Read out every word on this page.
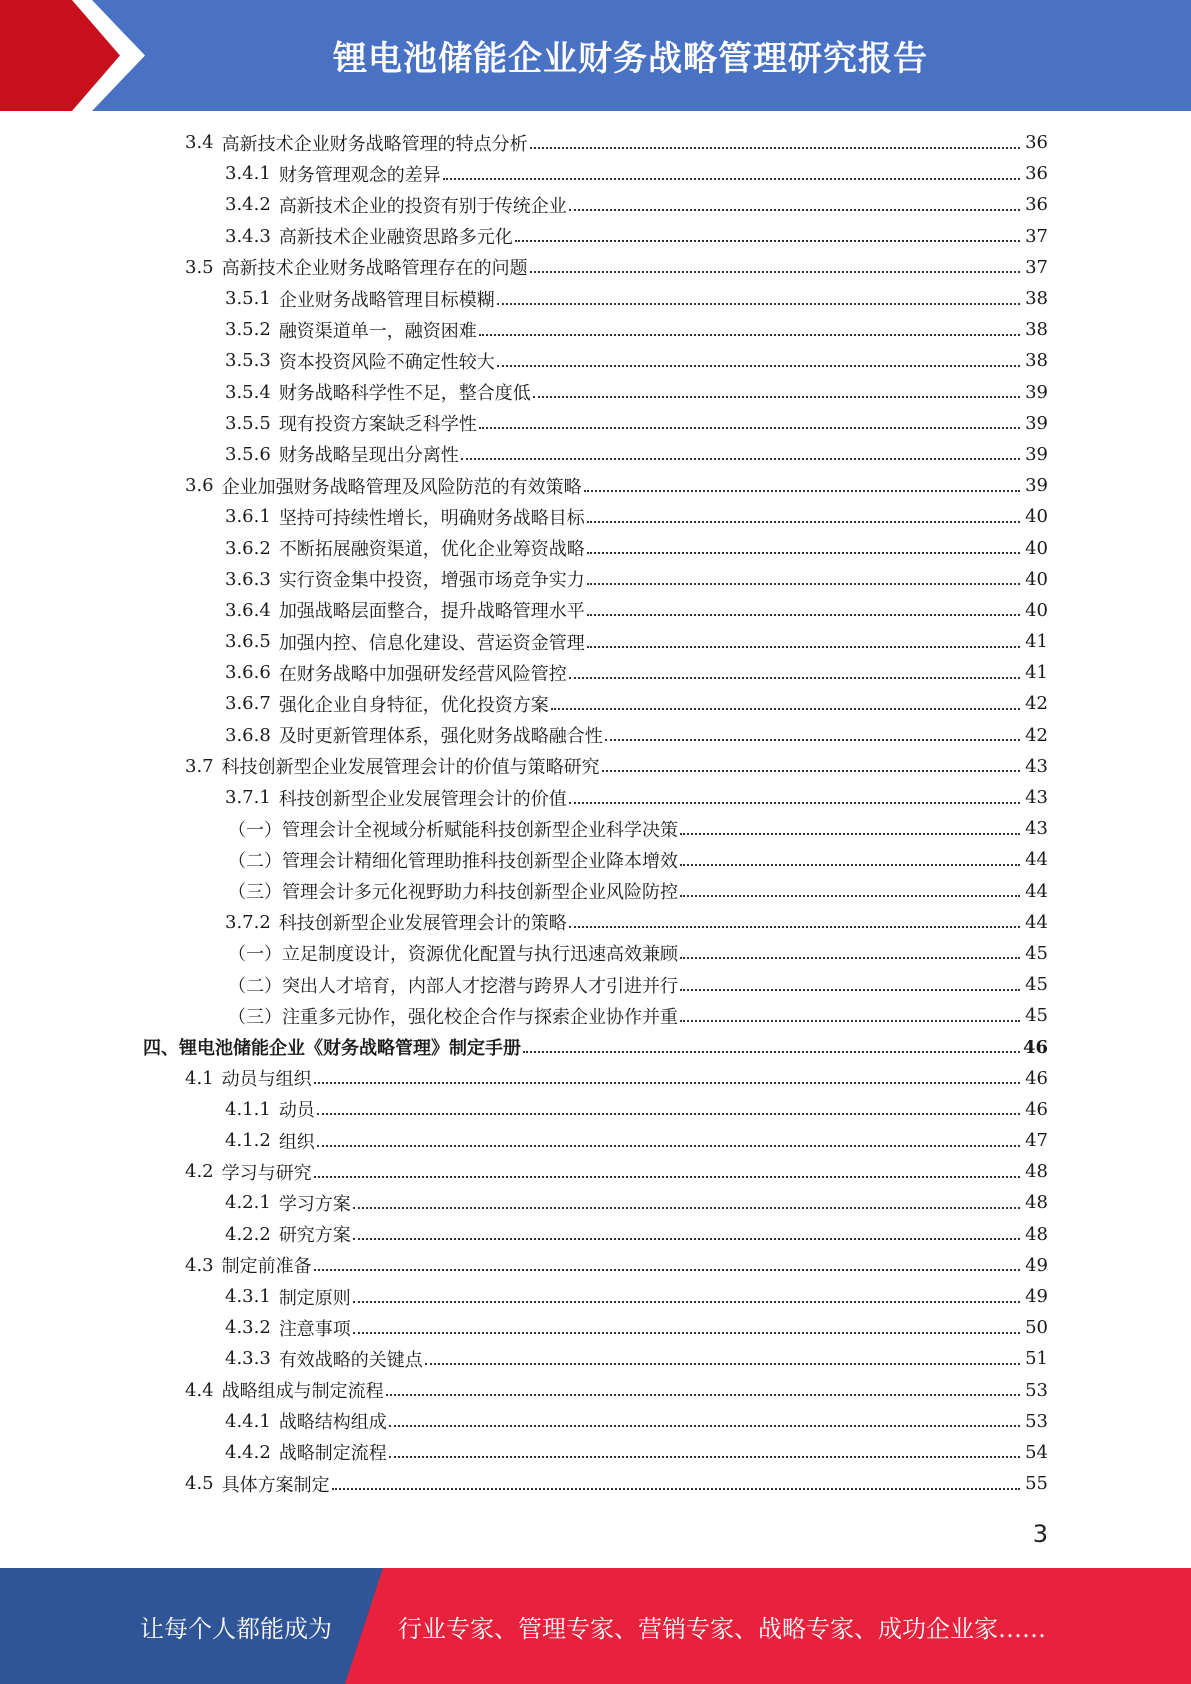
锂电池储能企业财务战略管理研究报告
3.4 高新技术企业财务战略管理的特点分析	36
3.4.1 财务管理观念的差异	36
3.4.2 高新技术企业的投资有别于传统企业	36
3.4.3 高新技术企业融资思路多元化	37
3.5 高新技术企业财务战略管理存在的问题	37
3.5.1 企业财务战略管理目标模糊	38
3.5.2 融资渠道单一，融资困难	38
3.5.3 资本投资风险不确定性较大	38
3.5.4 财务战略科学性不足，整合度低	39
3.5.5 现有投资方案缺乏科学性	39
3.5.6 财务战略呈现出分离性	39
3.6 企业加强财务战略管理及风险防范的有效策略	39
3.6.1 坚持可持续性增长，明确财务战略目标	40
3.6.2 不断拓展融资渠道，优化企业筹资战略	40
3.6.3 实行资金集中投资，增强市场竞争实力	40
3.6.4 加强战略层面整合，提升战略管理水平	40
3.6.5 加强内控、信息化建设、营运资金管理	41
3.6.6 在财务战略中加强研发经营风险管控	41
3.6.7 强化企业自身特征，优化投资方案	42
3.6.8 及时更新管理体系，强化财务战略融合性	42
3.7 科技创新型企业发展管理会计的价值与策略研究	43
3.7.1 科技创新型企业发展管理会计的价值	43
（一）管理会计全视域分析赋能科技创新型企业科学决策	43
（二）管理会计精细化管理助推科技创新型企业降本增效	44
（三）管理会计多元化视野助力科技创新型企业风险防控	44
3.7.2 科技创新型企业发展管理会计的策略	44
（一）立足制度设计，资源优化配置与执行迅速高效兼顾	45
（二）突出人才培育，内部人才挖潜与跨界人才引进并行	45
（三）注重多元协作，强化校企合作与探索企业协作并重	45
四、锂电池储能企业《财务战略管理》制定手册	46
4.1 动员与组织	46
4.1.1 动员	46
4.1.2 组织	47
4.2 学习与研究	48
4.2.1 学习方案	48
4.2.2 研究方案	48
4.3 制定前准备	49
4.3.1 制定原则	49
4.3.2 注意事项	50
4.3.3 有效战略的关键点	51
4.4 战略组成与制定流程	53
4.4.1 战略结构组成	53
4.4.2 战略制定流程	54
4.5 具体方案制定	55
3
让每个人都能成为	行业专家、管理专家、营销专家、战略专家、成功企业家……
